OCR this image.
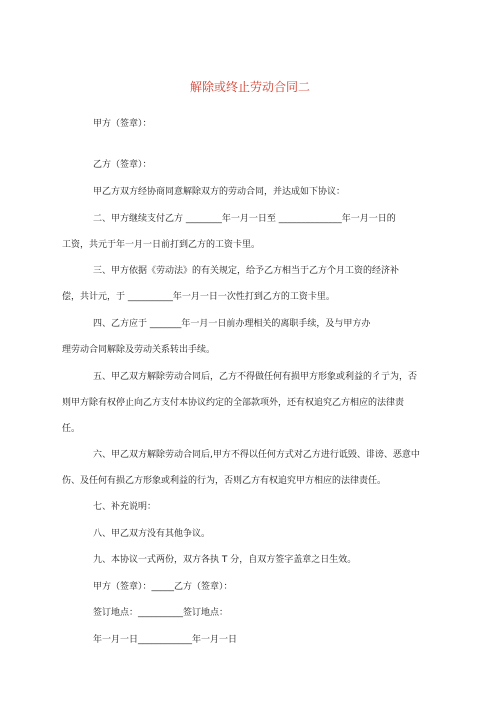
解除或终止劳动合同二
甲方（签章）：
乙方（签章）：
甲乙方双方经协商同意解除双方的劳动合同，并达成如下协议：
二、甲方继续支付乙方 ________年一月一日至 ______________年一月一日的
工资，共元于年一月一日前打到乙方的工资卡里。
三、甲方依据《劳动法》的有关规定，给予乙方相当于乙方个月工资的经济补
偿，共计元，于 __________年一月一日一次性打到乙方的工资卡里。
四、乙方应于 _______年一月一日前办理相关的离职手续，及与甲方办
理劳动合同解除及劳动关系转出手续。
五、甲乙双方解除劳动合同后，乙方不得做任何有损甲方形象或利益的彳亍为，否
则甲方除有权停止向乙方支付本协议约定的全部款项外，还有权追究乙方相应的法律责
任。
六、甲乙双方解除劳动合同后,甲方不得以任何方式对乙方进行诋毁、诽谤、恶意中
伤、及任何有损乙方形象或利益的行为，否则乙方有权追究甲方相应的法律责任。
七、补充说明：
八、甲乙双方没有其他争议。
九、本协议一式两份，双方各执 T 分，自双方签字盖章之日生效。
甲方（签章）：_____乙方（签章）：
签订地点：__________签订地点：
年一月一日____________年一月一日
